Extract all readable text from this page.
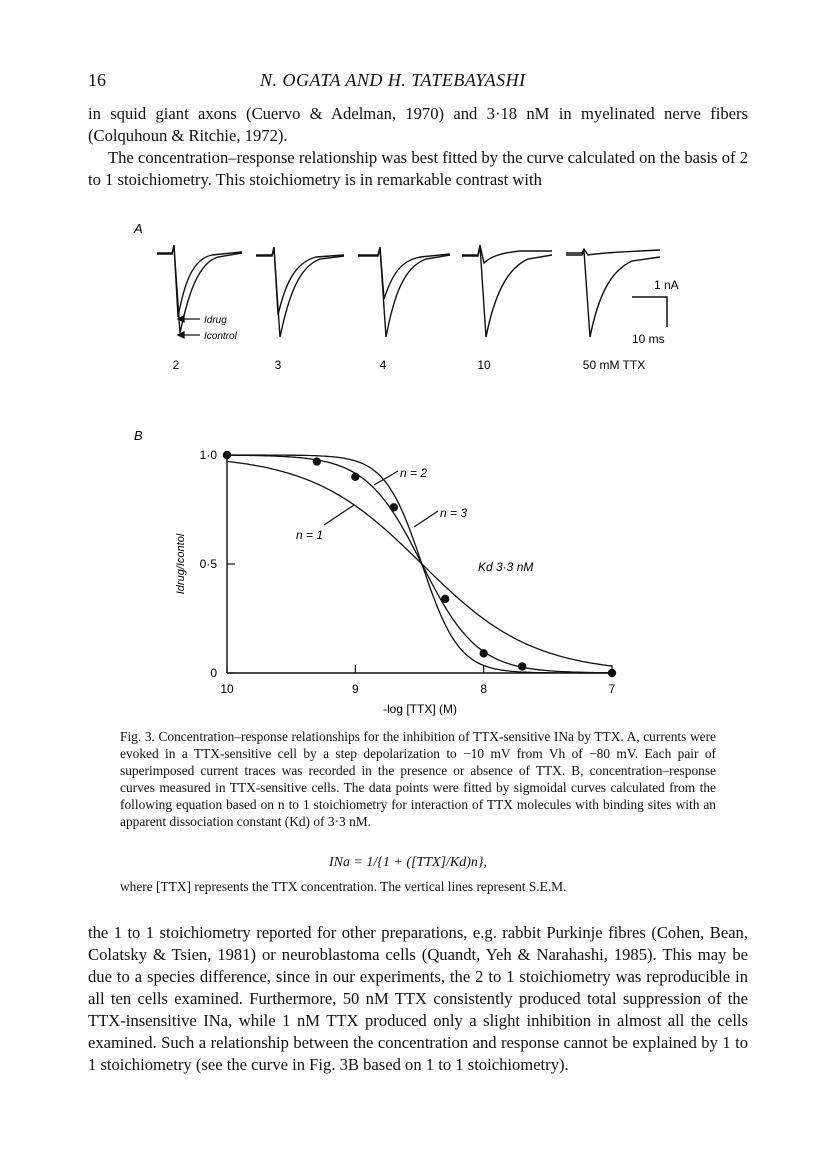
16	N. OGATA AND H. TATEBAYASHI

in squid giant axons (Cuervo & Adelman, 1970) and 3·18 nM in myelinated nerve fibers (Colquhoun & Ritchie, 1972).

The concentration–response relationship was best fitted by the curve calculated on the basis of 2 to 1 stoichiometry. This stoichiometry is in remarkable contrast with

A
Idrug
Icontrol
1 nA
10 ms
2	3	4	10	50 mM TTX
B
10	9	8	7
0
0·5
1·0
Idrug/Icontol
-log [TTX] (M)
n = 1
n = 2
n = 3
Kd 3·3 nM

Fig. 3. Concentration–response relationships for the inhibition of TTX-sensitive INa by TTX. A, currents were evoked in a TTX-sensitive cell by a step depolarization to −10 mV from Vh of −80 mV. Each pair of superimposed current traces was recorded in the presence or absence of TTX. B, concentration–response curves measured in TTX-sensitive cells. The data points were fitted by sigmoidal curves calculated from the following equation based on n to 1 stoichiometry for interaction of TTX molecules with binding sites with an apparent dissociation constant (Kd) of 3·3 nM.

INa = 1/{1 + ([TTX]/Kd)n},
where [TTX] represents the TTX concentration. The vertical lines represent S.E.M.
the 1 to 1 stoichiometry reported for other preparations, e.g. rabbit Purkinje fibres (Cohen, Bean, Colatsky & Tsien, 1981) or neuroblastoma cells (Quandt, Yeh & Narahashi, 1985). This may be due to a species difference, since in our experiments, the 2 to 1 stoichiometry was reproducible in all ten cells examined. Furthermore, 50 nM TTX consistently produced total suppression of the TTX-insensitive INa, while 1 nM TTX produced only a slight inhibition in almost all the cells examined. Such a relationship between the concentration and response cannot be explained by 1 to 1 stoichiometry (see the curve in Fig. 3B based on 1 to 1 stoichiometry).
